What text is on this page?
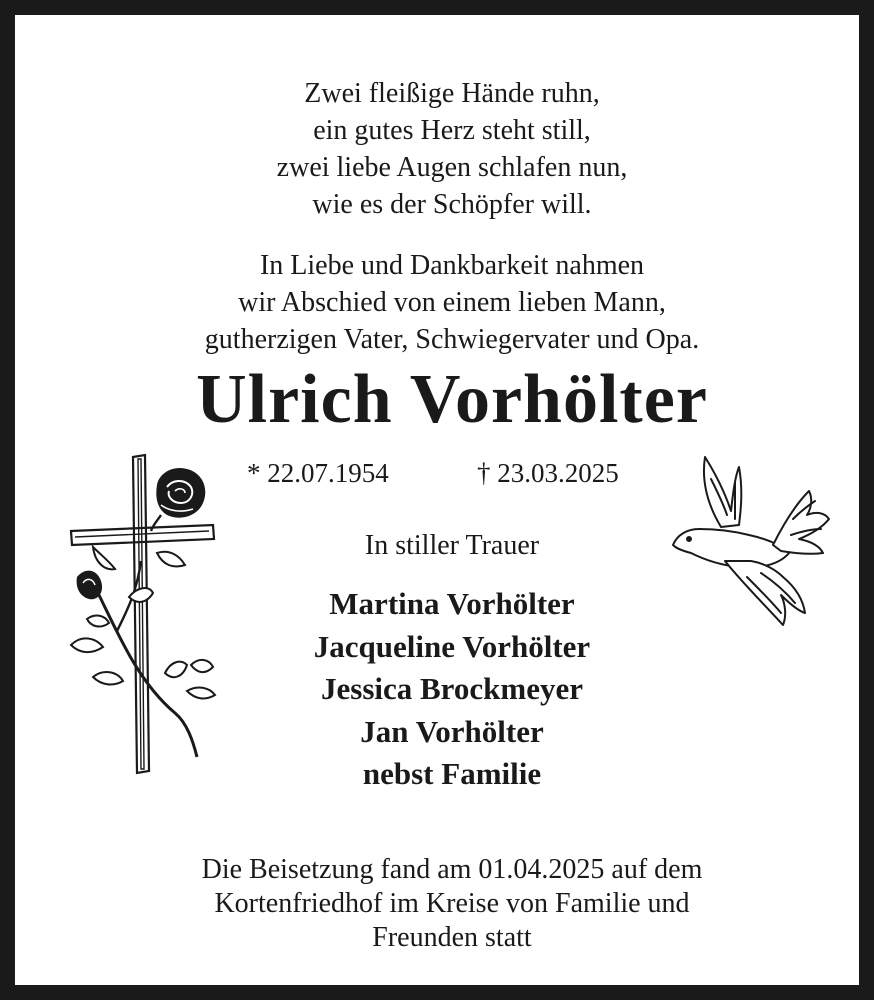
Zwei fleißige Hände ruhn,
ein gutes Herz steht still,
zwei liebe Augen schlafen nun,
wie es der Schöpfer will.
In Liebe und Dankbarkeit nahmen
wir Abschied von einem lieben Mann,
gutherzigen Vater, Schwiegervater und Opa.
Ulrich Vorhölter
* 22.07.1954	† 23.03.2025
In stiller Trauer
Martina Vorhölter
Jacqueline Vorhölter
Jessica Brockmeyer
Jan Vorhölter
nebst Familie
Die Beisetzung fand am 01.04.2025 auf dem
Kortenfriedhof im Kreise von Familie und
Freunden statt
